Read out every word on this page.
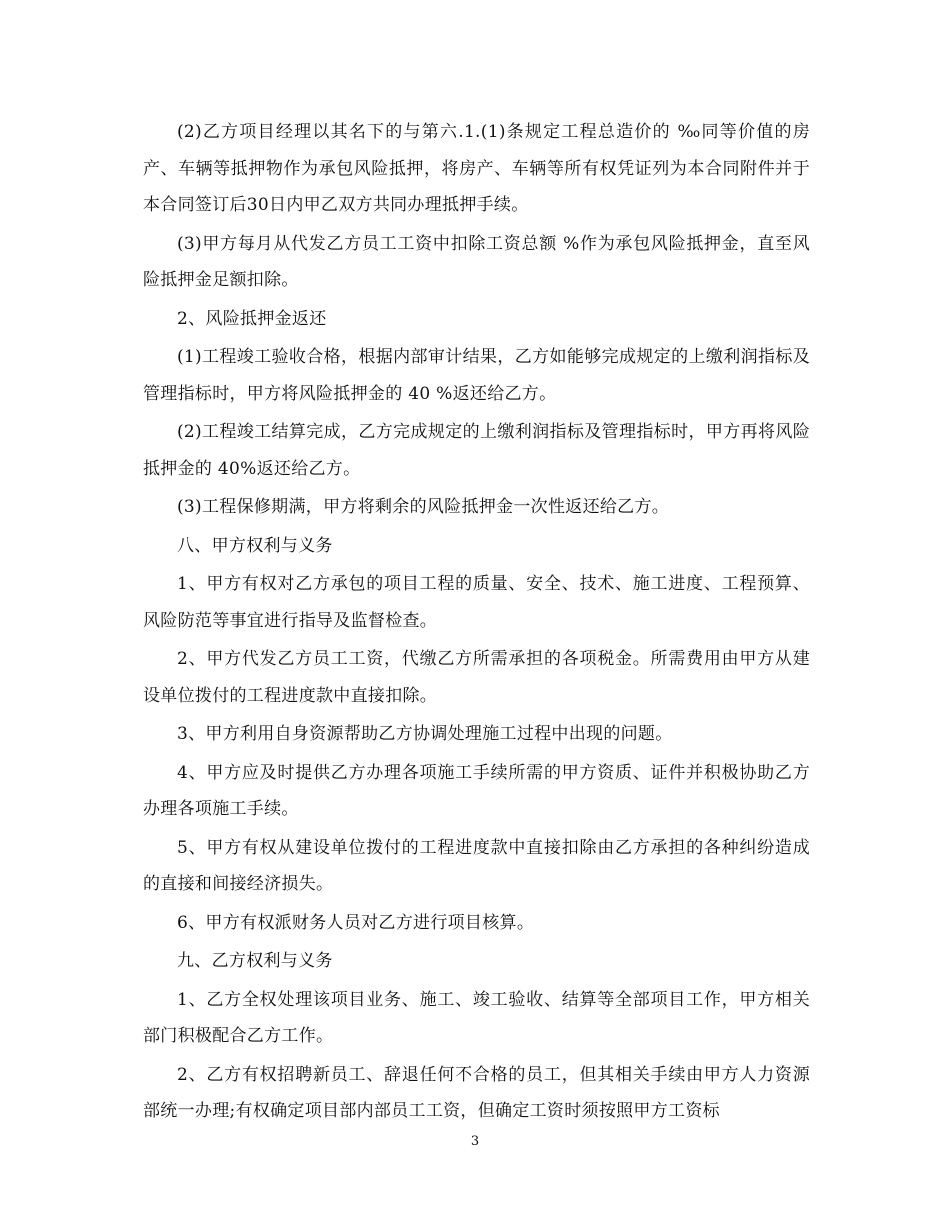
(2)乙方项目经理以其名下的与第六.1.(1)条规定工程总造价的 ‰同等价值的房产、车辆等抵押物作为承包风险抵押，将房产、车辆等所有权凭证列为本合同附件并于本合同签订后30日内甲乙双方共同办理抵押手续。

(3)甲方每月从代发乙方员工工资中扣除工资总额 %作为承包风险抵押金，直至风险抵押金足额扣除。

2、风险抵押金返还

(1)工程竣工验收合格，根据内部审计结果，乙方如能够完成规定的上缴利润指标及管理指标时，甲方将风险抵押金的 40 %返还给乙方。

(2)工程竣工结算完成，乙方完成规定的上缴利润指标及管理指标时，甲方再将风险抵押金的 40%返还给乙方。

(3)工程保修期满，甲方将剩余的风险抵押金一次性返还给乙方。

八、甲方权利与义务

1、甲方有权对乙方承包的项目工程的质量、安全、技术、施工进度、工程预算、风险防范等事宜进行指导及监督检查。

2、甲方代发乙方员工工资，代缴乙方所需承担的各项税金。所需费用由甲方从建设单位拨付的工程进度款中直接扣除。

3、甲方利用自身资源帮助乙方协调处理施工过程中出现的问题。

4、甲方应及时提供乙方办理各项施工手续所需的甲方资质、证件并积极协助乙方办理各项施工手续。

5、甲方有权从建设单位拨付的工程进度款中直接扣除由乙方承担的各种纠纷造成的直接和间接经济损失。

6、甲方有权派财务人员对乙方进行项目核算。

九、乙方权利与义务

1、乙方全权处理该项目业务、施工、竣工验收、结算等全部项目工作，甲方相关部门积极配合乙方工作。

2、乙方有权招聘新员工、辞退任何不合格的员工，但其相关手续由甲方人力资源部统一办理;有权确定项目部内部员工工资，但确定工资时须按照甲方工资标

3
